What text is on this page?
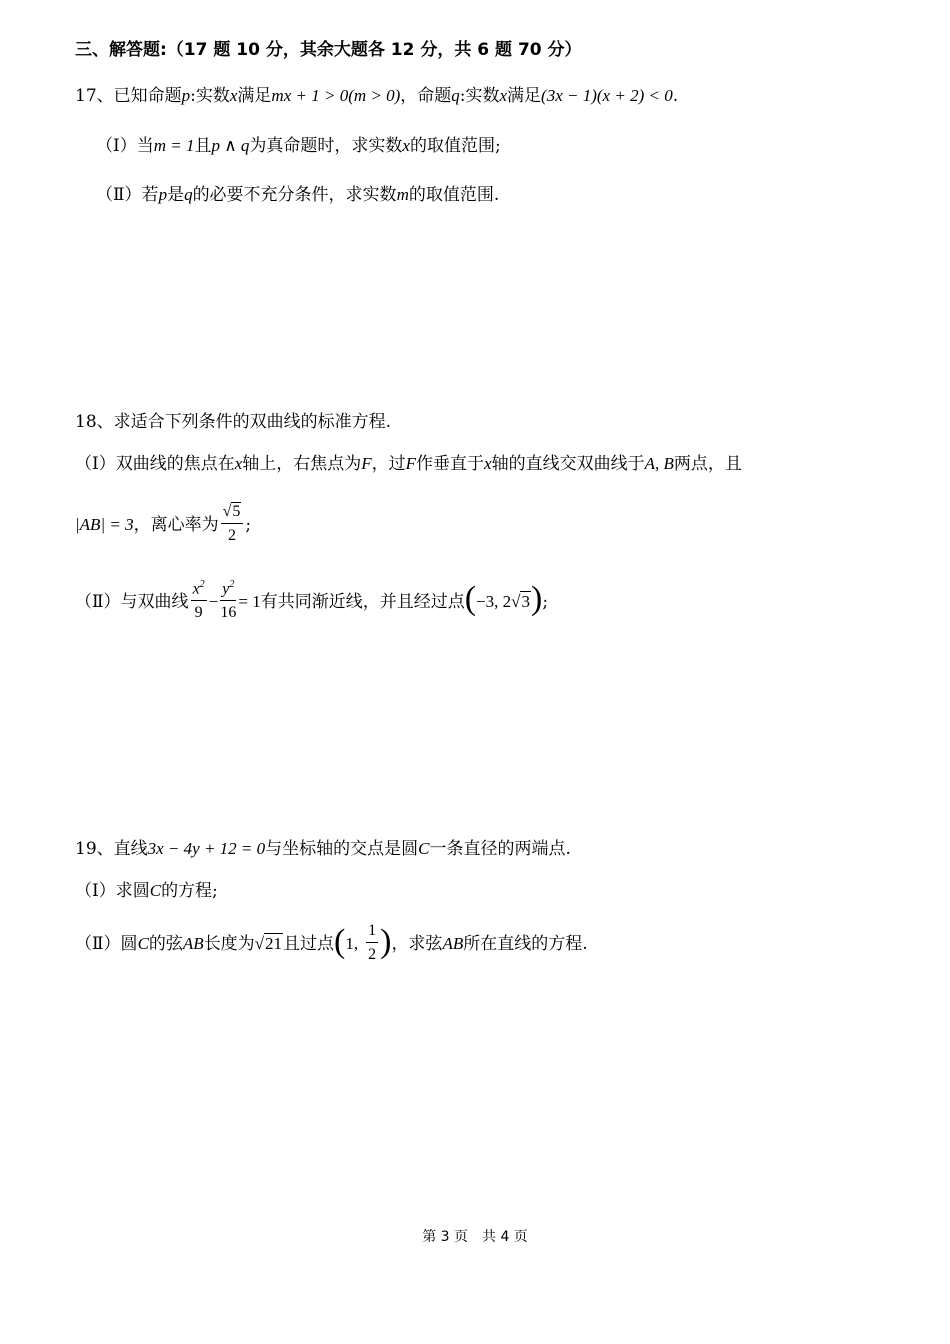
三、解答题:（17 题 10 分，其余大题各 12 分，共 6 题 70 分）
17、已知命题p:实数x满足mx + 1 > 0(m > 0)，命题q:实数x满足(3x − 1)(x + 2) < 0.
（Ⅰ）当m = 1且p ∧ q为真命题时，求实数x的取值范围;
（Ⅱ）若p是q的必要不充分条件，求实数m的取值范围.
18、求适合下列条件的双曲线的标准方程.
（Ⅰ）双曲线的焦点在x轴上，右焦点为F，过F作垂直于x轴的直线交双曲线于A, B两点，且
|AB| = 3，离心率为 $\frac{√5}{2}$ ;
（Ⅱ）与双曲线 $\frac{x^2}{9} - \frac{y^2}{16} = 1$有共同渐近线，并且经过点(−3, 2√3);
19、直线3x − 4y + 12 = 0与坐标轴的交点是圆C一条直径的两端点.
（Ⅰ）求圆C的方程;
（Ⅱ）圆C的弦AB长度为√21且过点(1, $\frac{1}{2}$ )，求弦AB所在直线的方程.
第 3 页　共 4 页
